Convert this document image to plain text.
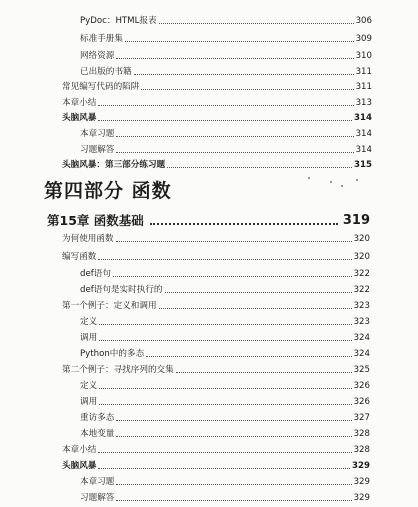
PyDoc：HTML报表	306
标准手册集	309
网络资源	310
已出版的书籍	311
常见编写代码的陷阱	311
本章小结	313
头脑风暴	314
本章习题	314
习题解答	314
头脑风暴：第三部分练习题	315
第四部分 函数
第15章 函数基础	319
为何使用函数	320
编写函数	320
def语句	322
def语句是实时执行的	322
第一个例子：定义和调用	323
定义	323
调用	324
Python中的多态	324
第二个例子：寻找序列的交集	325
定义	326
调用	326
重访多态	327
本地变量	328
本章小结	328
头脑风暴	329
本章习题	329
习题解答	329
